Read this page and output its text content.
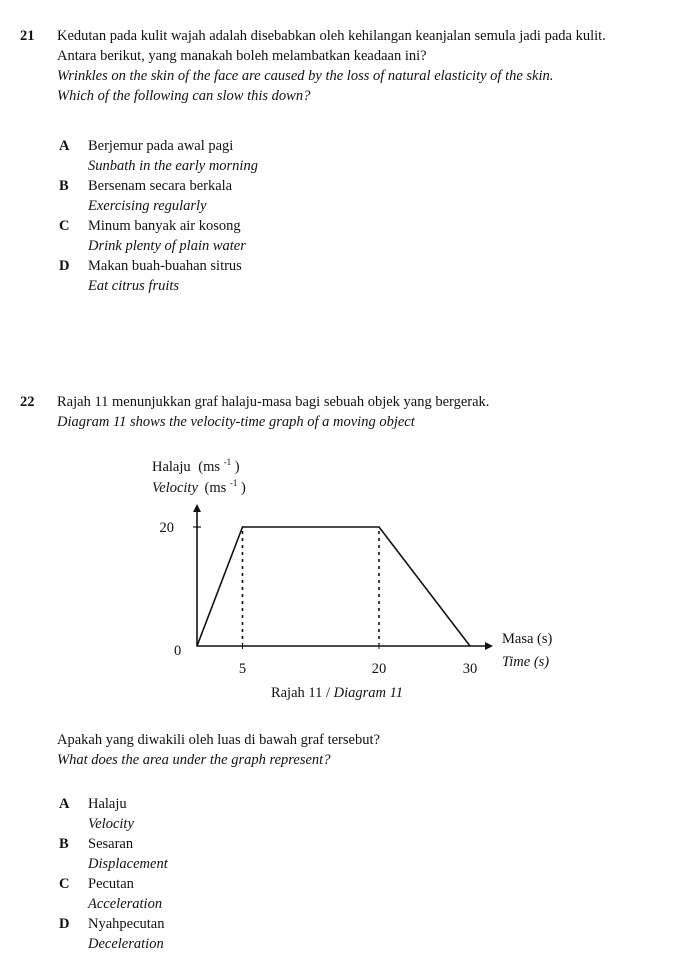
21 Kedutan pada kulit wajah adalah disebabkan oleh kehilangan keanjalan semula jadi pada kulit.

Antara berikut, yang manakah boleh melambatkan keadaan ini?

Wrinkles on the skin of the face are caused by the loss of natural elasticity of the skin.

Which of the following can slow this down?

A Berjemur pada awal pagi

Sunbath in the early morning

B Bersenam secara berkala

Exercising regularly

C Minum banyak air kosong

Drink plenty of plain water

D Makan buah-buahan sitrus

Eat citrus fruits

22 Rajah 11 menunjukkan graf halaju-masa bagi sebuah objek yang bergerak.

Diagram 11 shows the velocity-time graph of a moving object

Halaju (ms $^{-1}$ )
Velocity (ms $^{-1}$ )
5	20	30
20
0
Masa (s)
Time (s)
Rajah 11 / Diagram 11

Apakah yang diwakili oleh luas di bawah graf tersebut?

What does the area under the graph represent?

A Halaju

Velocity

B Sesaran

Displacement

C Pecutan

Acceleration

D Nyahpecutan

Deceleration
